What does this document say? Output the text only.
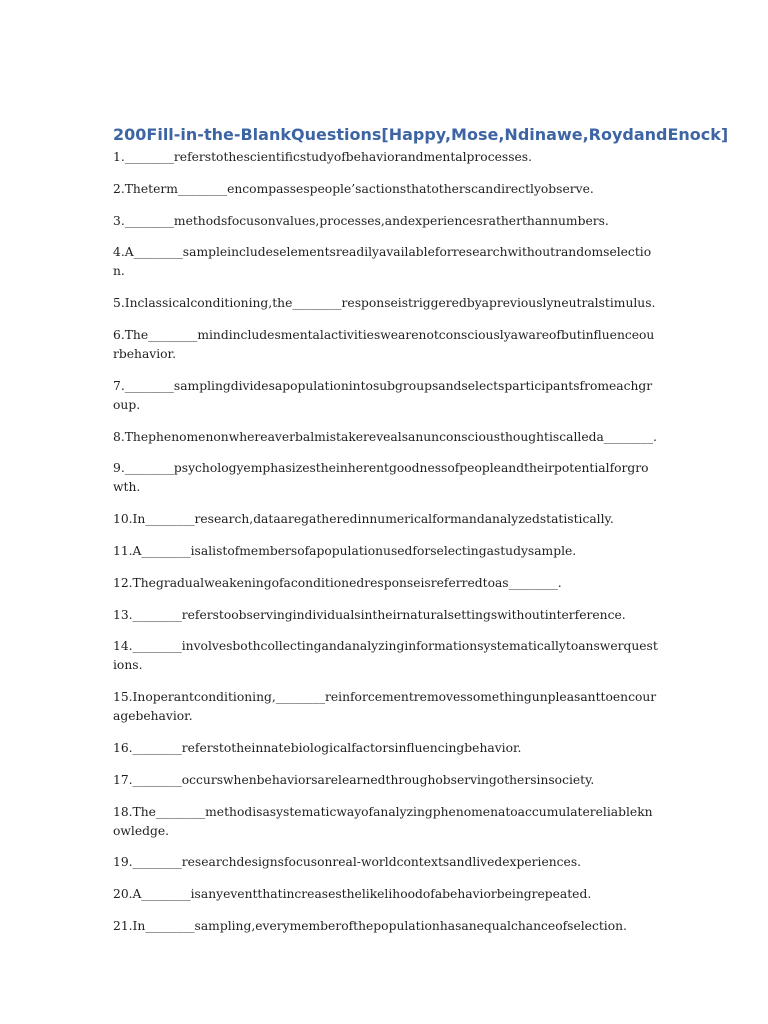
200Fill-in-the-BlankQuestions[Happy,Mose,Ndinawe,RoydandEnock]
1.________referstothescientificstudyofbehaviorandmentalprocesses.
2.Theterm________encompassespeople’sactionsthatotherscandirectlyobserve.
3.________methodsfocusonvalues,processes,andexperiencesratherthannumbers.
4.A________sampleincludeselementsreadilyavailableforresearchwithoutrandomselection.
5.Inclassicalconditioning,the________responseistriggeredbyapreviouslyneutralstimulus.
6.The________mindincludesmentalactivitieswearenotconsciouslyawareofbutinfluenceourbehavior.
7.________samplingdividesapopulationintosubgroupsandselectsparticipantsfromeachgroup.
8.Thephenomenonwhereaverbalmistakerevealsanunconsciousthoughtiscalleda________.
9.________psychologyemphasizestheinherentgoodnessofpeopleandtheirpotentialforgrowth.
10.In________research,dataaregatheredinnumericalformandanalyzedstatistically.
11.A________isalistofmembersofapopulationusedforselectingastudysample.
12.Thegradualweakeningofaconditionedresponseisreferredtoas________.
13.________referstoobservingindividualsintheirnaturalsettingswithoutinterference.
14.________involvesbothcollectingandanalyzinginformationsystematicallytoanswerquestions.
15.Inoperantconditioning,________reinforcementremovessomethingunpleasanttoencouragebehavior.
16.________referstotheinnatebiologicalfactorsinfluencingbehavior.
17.________occurswhenbehaviorsarelearnedthroughobservingothersinsociety.
18.The________methodisasystematicwayofanalyzingphenomenatoaccumulatereliableknowledge.
19.________researchdesignsfocusonreal-worldcontextsandlivedexperiences.
20.A________isanyeventthatincreasesthelikelihoodofabehaviorbeingrepeated.
21.In________sampling,everymemberofthepopulationhasanequalchanceofselection.
